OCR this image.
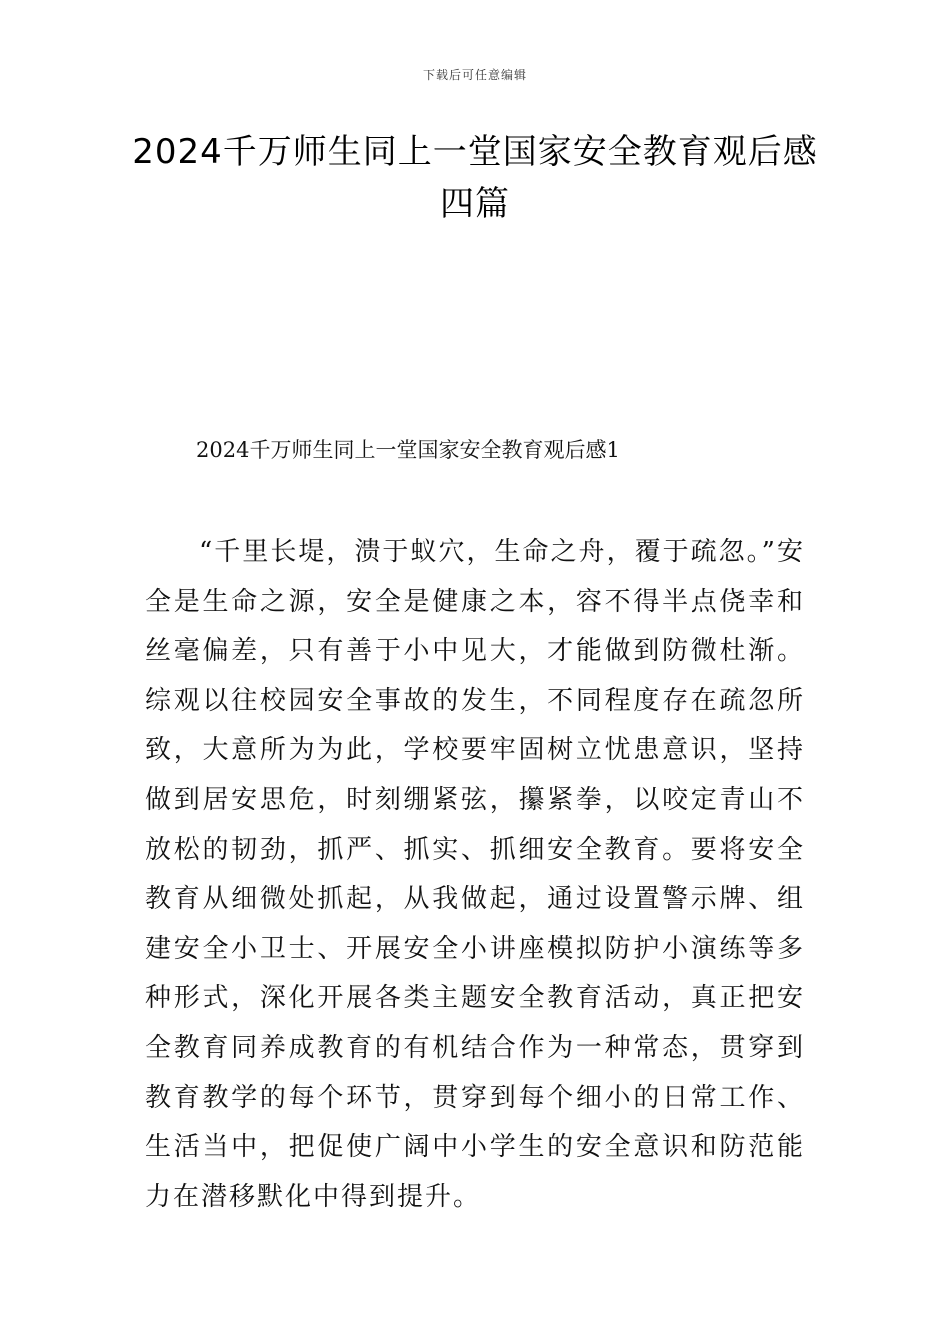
下载后可任意编辑
2024千万师生同上一堂国家安全教育观后感四篇
2024千万师生同上一堂国家安全教育观后感1

“千里长堤，溃于蚁穴，生命之舟，覆于疏忽。”安全是生命之源，安全是健康之本，容不得半点侥幸和丝毫偏差，只有善于小中见大，才能做到防微杜渐。综观以往校园安全事故的发生，不同程度存在疏忽所致，大意所为为此，学校要牢固树立忧患意识，坚持做到居安思危，时刻绷紧弦，攥紧拳，以咬定青山不放松的韧劲，抓严、抓实、抓细安全教育。要将安全教育从细微处抓起，从我做起，通过设置警示牌、组建安全小卫士、开展安全小讲座模拟防护小演练等多种形式，深化开展各类主题安全教育活动，真正把安全教育同养成教育的有机结合作为一种常态，贯穿到教育教学的每个环节，贯穿到每个细小的日常工作、生活当中，把促使广阔中小学生的安全意识和防范能力在潜移默化中得到提升。
